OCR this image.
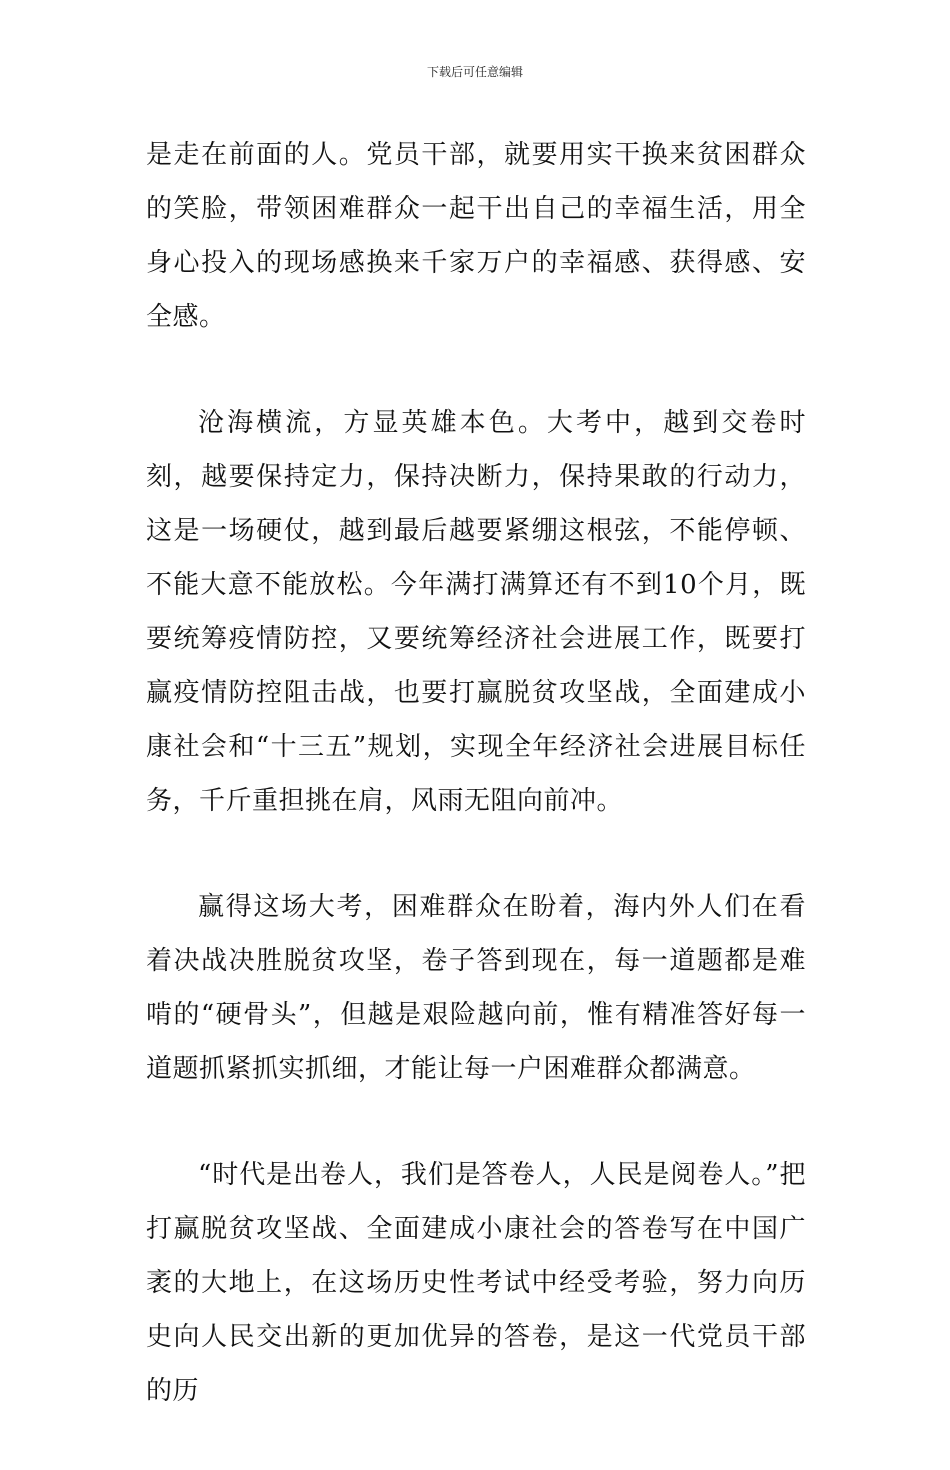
下载后可任意编辑

是走在前面的人。党员干部，就要用实干换来贫困群众的笑脸，带领困难群众一起干出自己的幸福生活，用全身心投入的现场感换来千家万户的幸福感、获得感、安全感。

沧海横流，方显英雄本色。大考中，越到交卷时刻，越要保持定力，保持决断力，保持果敢的行动力，这是一场硬仗，越到最后越要紧绷这根弦，不能停顿、不能大意不能放松。今年满打满算还有不到10个月，既要统筹疫情防控，又要统筹经济社会进展工作，既要打赢疫情防控阻击战，也要打赢脱贫攻坚战，全面建成小康社会和“十三五”规划，实现全年经济社会进展目标任务，千斤重担挑在肩，风雨无阻向前冲。

赢得这场大考，困难群众在盼着，海内外人们在看着决战决胜脱贫攻坚，卷子答到现在，每一道题都是难啃的“硬骨头”，但越是艰险越向前，惟有精准答好每一道题抓紧抓实抓细，才能让每一户困难群众都满意。

“时代是出卷人，我们是答卷人，人民是阅卷人。”把打赢脱贫攻坚战、全面建成小康社会的答卷写在中国广袤的大地上，在这场历史性考试中经受考验，努力向历史向人民交出新的更加优异的答卷，是这一代党员干部的历
